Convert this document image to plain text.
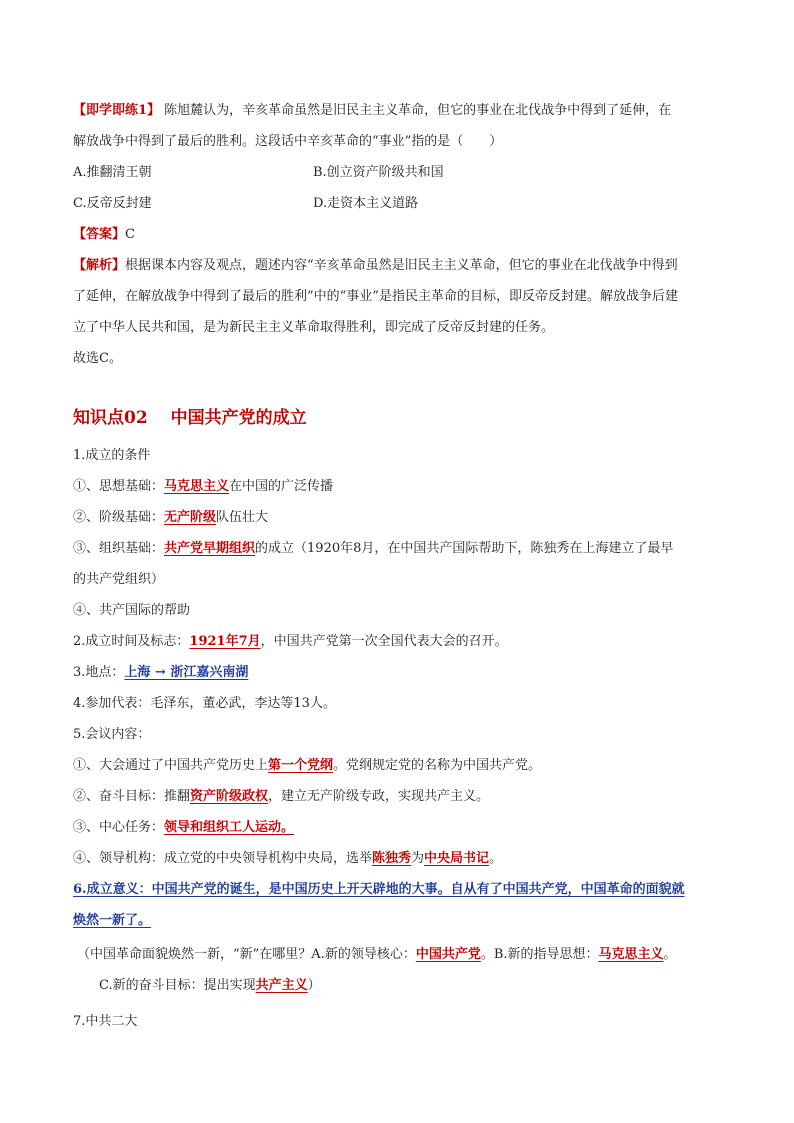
【即学即练1】 陈旭麓认为，辛亥革命虽然是旧民主主义革命，但它的事业在北伐战争中得到了延伸，在
解放战争中得到了最后的胜利。这段话中辛亥革命的“事业”指的是（　　）
A.推翻清王朝	B.创立资产阶级共和国
C.反帝反封建	D.走资本主义道路
【答案】C
【解析】根据课本内容及观点，题述内容“辛亥革命虽然是旧民主主义革命，但它的事业在北伐战争中得到
了延伸，在解放战争中得到了最后的胜利”中的“事业”是指民主革命的目标，即反帝反封建。解放战争后建
立了中华人民共和国，是为新民主主义革命取得胜利，即完成了反帝反封建的任务。
故选C。
知识点02　 中国共产党的成立
1.成立的条件
①、思想基础：马克思主义在中国的广泛传播
②、阶级基础：无产阶级队伍壮大
③、组织基础：共产党早期组织的成立（1920年8月，在中国共产国际帮助下，陈独秀在上海建立了最早
的共产党组织）
④、共产国际的帮助
2.成立时间及标志：1921年7月，中国共产党第一次全国代表大会的召开。
3.地点：上海 → 浙江嘉兴南湖
4.参加代表：毛泽东，董必武，李达等13人。
5.会议内容：
①、大会通过了中国共产党历史上第一个党纲。党纲规定党的名称为中国共产党。
②、奋斗目标：推翻资产阶级政权，建立无产阶级专政，实现共产主义。
③、中心任务：领导和组织工人运动。
④、领导机构：成立党的中央领导机构中央局，选举陈独秀为中央局书记。
6.成立意义：中国共产党的诞生，是中国历史上开天辟地的大事。自从有了中国共产党，中国革命的面貌就
焕然一新了。
（中国革命面貌焕然一新，“新”在哪里？A.新的领导核心：中国共产党。B.新的指导思想：马克思主义。
C.新的奋斗目标：提出实现共产主义）
7.中共二大
